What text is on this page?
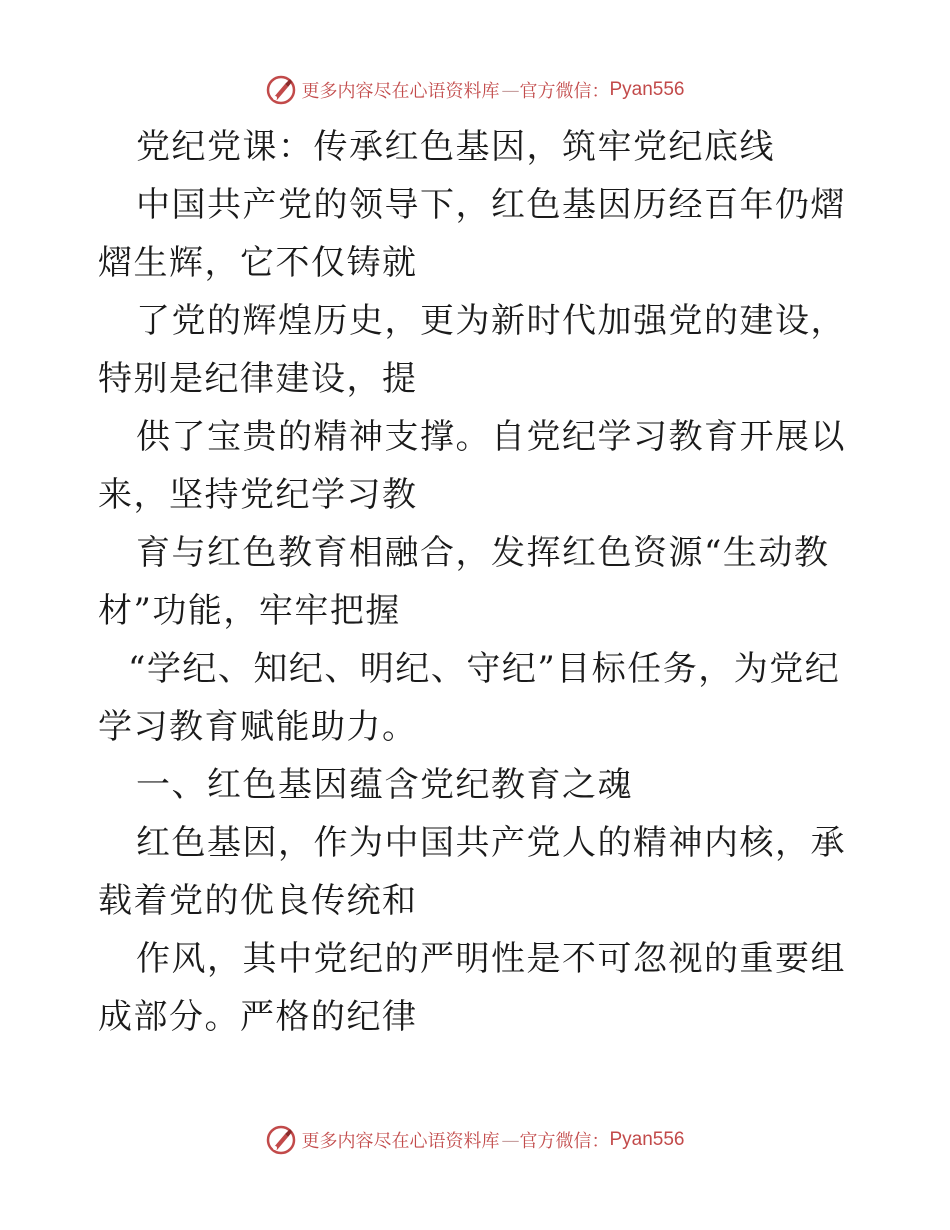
更多内容尽在心语资料库 — 官方微信： Pyan556

党纪党课：传承红色基因，筑牢党纪底线

中国共产党的领导下，红色基因历经百年仍熠熠生辉，它不仅铸就

了党的辉煌历史，更为新时代加强党的建设，特别是纪律建设，提

供了宝贵的精神支撑。自党纪学习教育开展以来，坚持党纪学习教

育与红色教育相融合，发挥红色资源“生动教材”功能，牢牢把握

“学纪、知纪、明纪、守纪”目标任务，为党纪学习教育赋能助力。

一、红色基因蕴含党纪教育之魂

红色基因，作为中国共产党人的精神内核，承载着党的优良传统和

作风，其中党纪的严明性是不可忽视的重要组成部分。严格的纪律

更多内容尽在心语资料库 — 官方微信： Pyan556
